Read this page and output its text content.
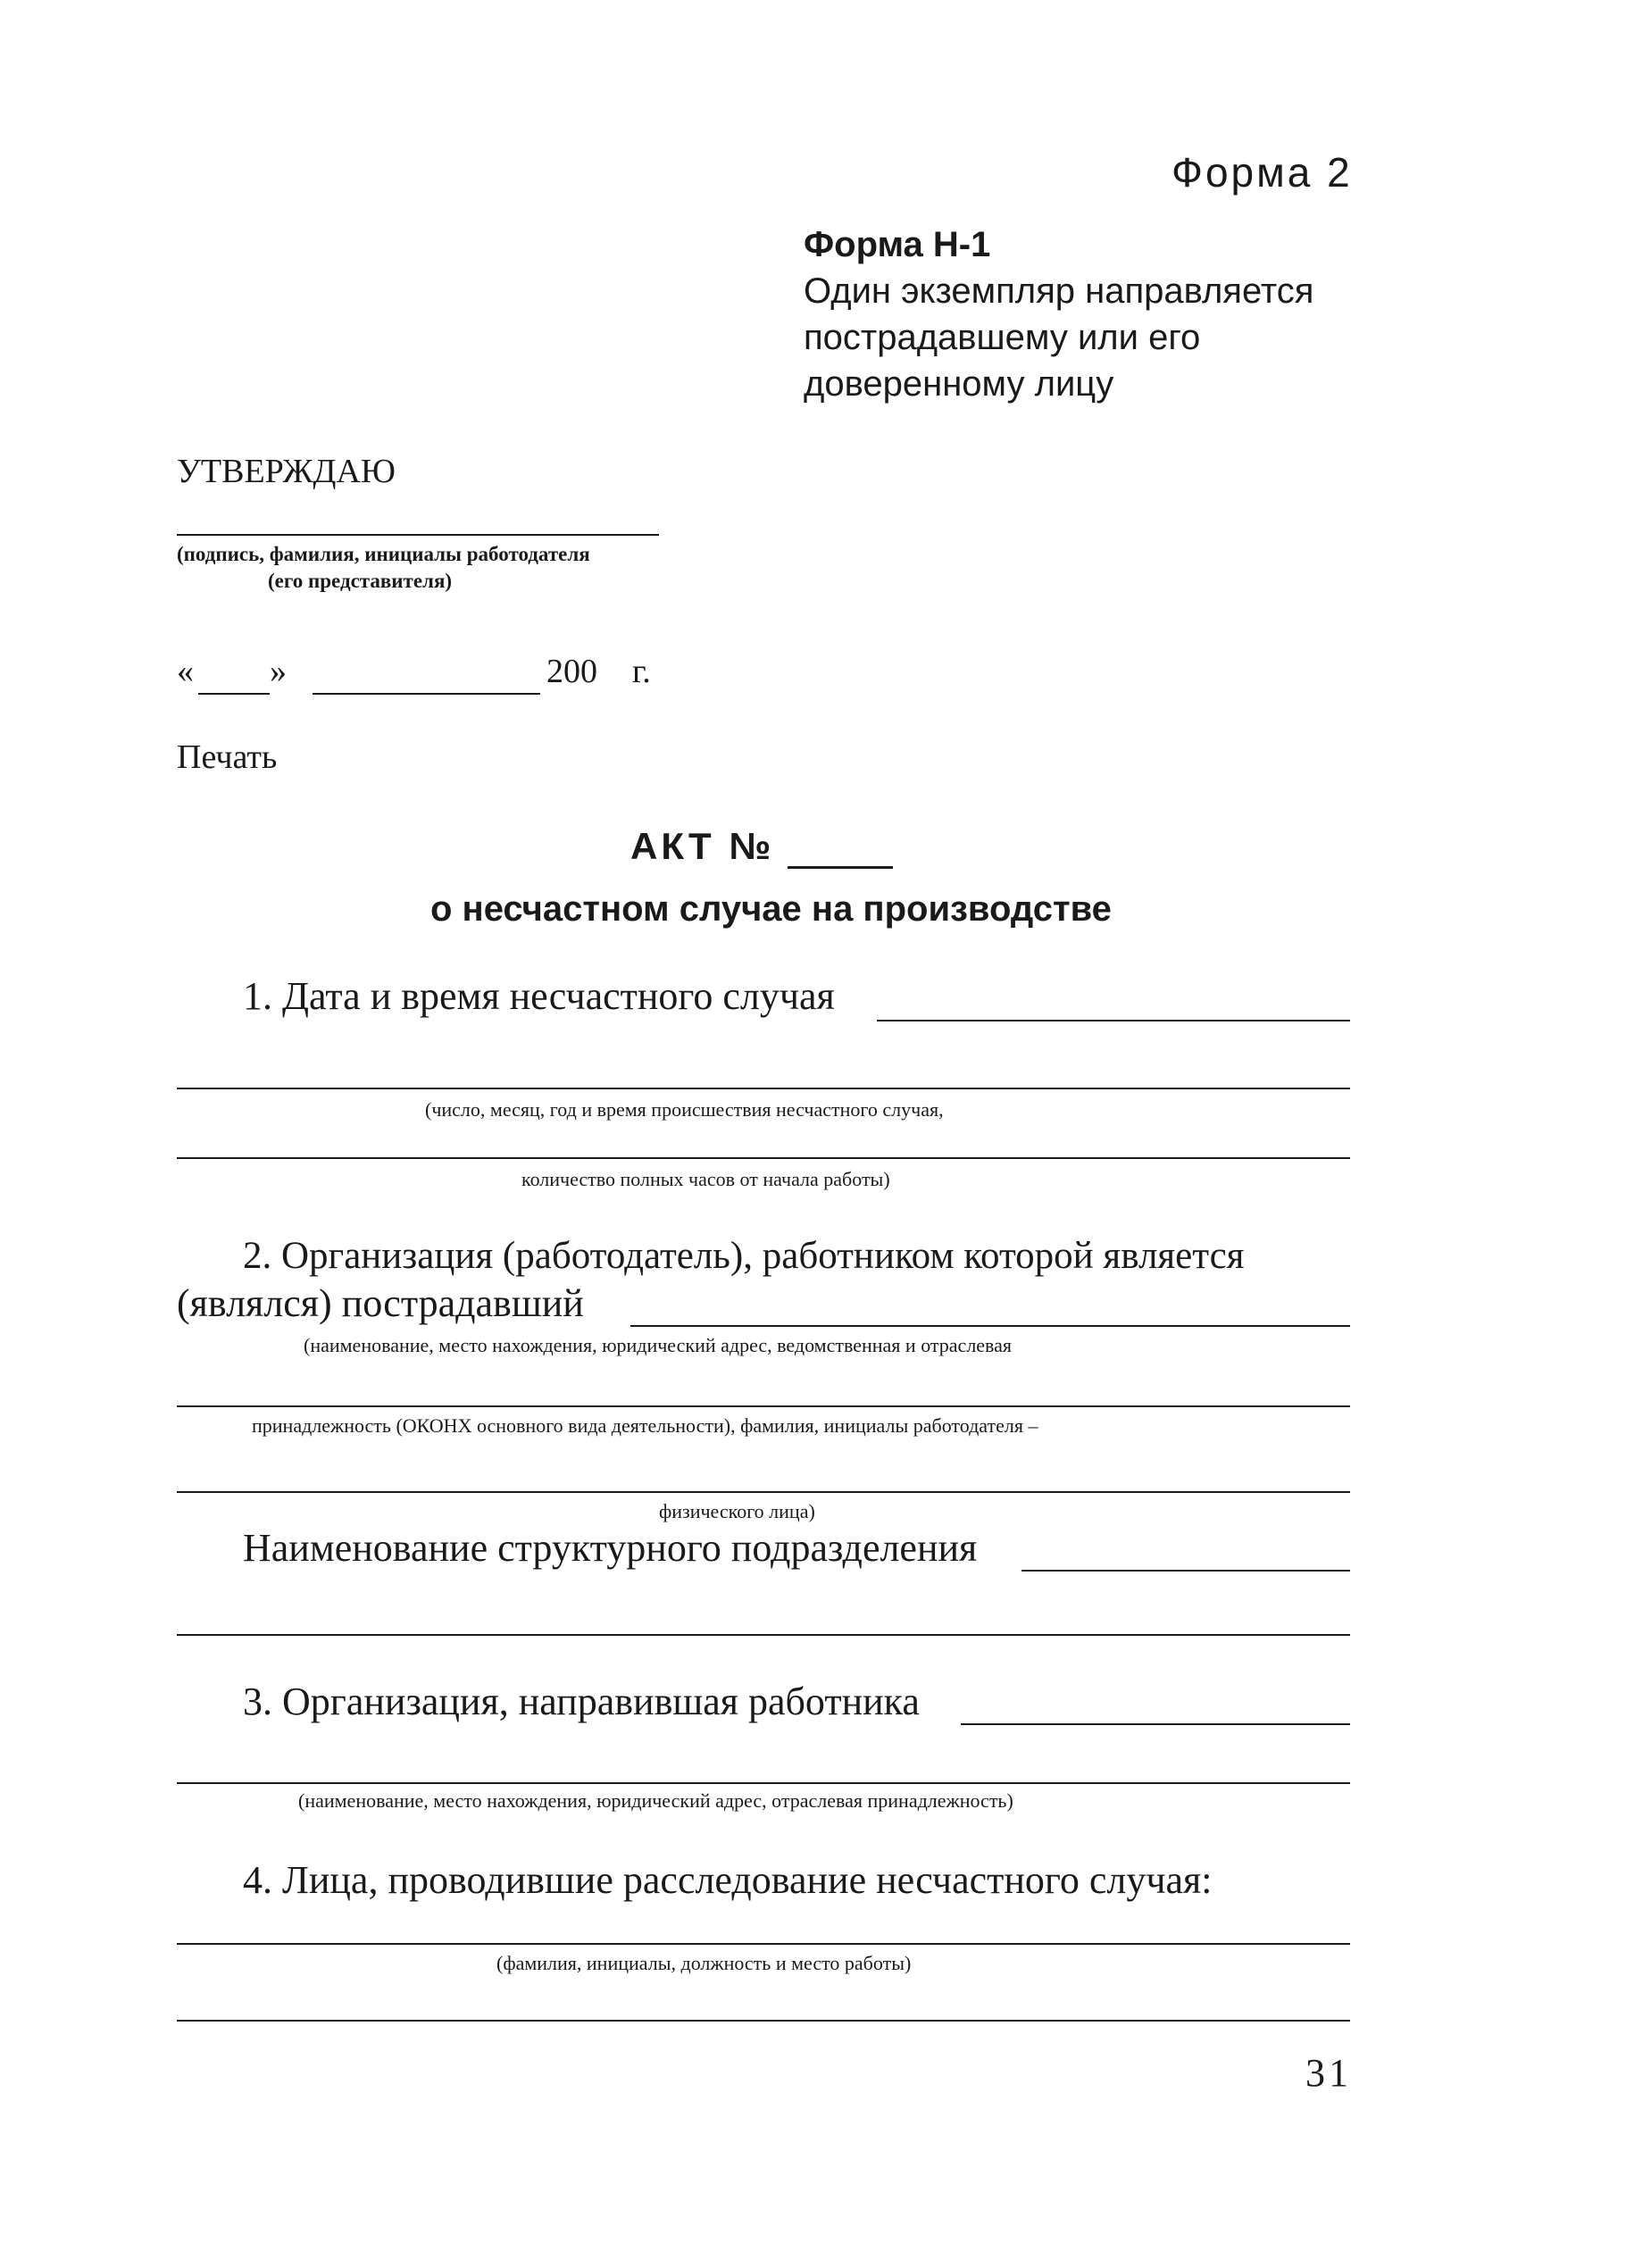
Форма 2
Форма Н-1
Один экземпляр направляется
пострадавшему или его
доверенному лицу
УТВЕРЖДАЮ
(подпись, фамилия, инициалы работодателя
(его представителя)
« »	200 г.
Печать
АКТ №
о несчастном случае на производстве
1. Дата и время несчастного случая
(число, месяц, год и время происшествия несчастного случая,
количество полных часов от начала работы)
2. Организация (работодатель), работником которой является
(являлся) пострадавший
(наименование, место нахождения, юридический адрес, ведомственная и отраслевая
принадлежность (ОКОНХ основного вида деятельности), фамилия, инициалы работодателя –
физического лица)
Наименование структурного подразделения
3. Организация, направившая работника
(наименование, место нахождения, юридический адрес, отраслевая принадлежность)
4. Лица, проводившие расследование несчастного случая:
(фамилия, инициалы, должность и место работы)
31
